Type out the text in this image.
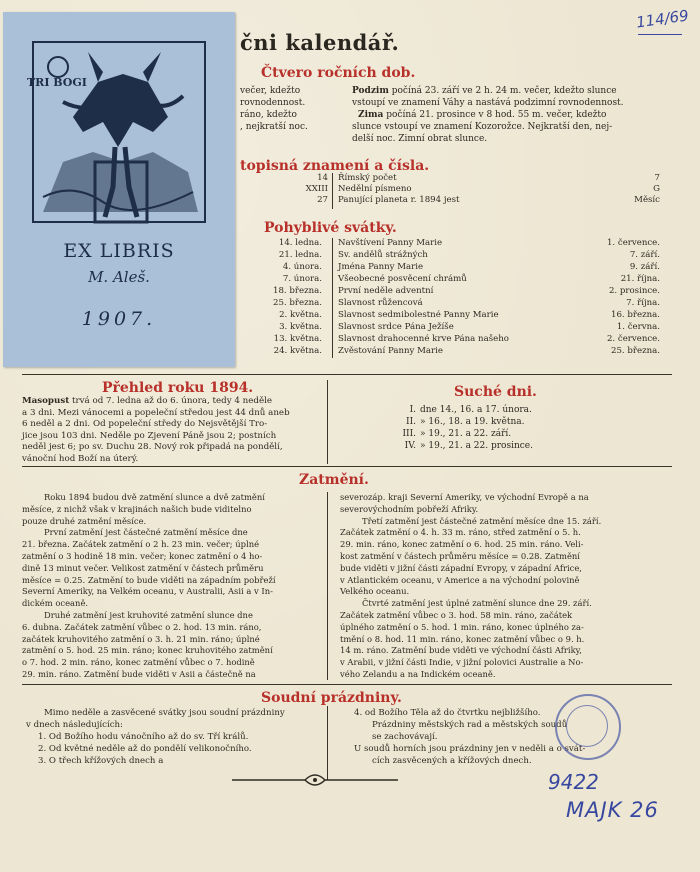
114/69
čni kalendář.
TRI BOGI
EX LIBRIS
M. Aleš.
1907.
Čtvero ročních dob.
večer, kdežto
rovnodennost.
ráno, kdežto
, nejkratší noc.
Podzim počíná 23. září ve 2 h. 24 m. večer, kdežto slunce
vstoupí ve znamení Váhy a nastává podzimní rovnodennost.
Zima počíná 21. prosince v 8 hod. 55 m. večer, kdežto
slunce vstoupí ve znamení Kozorožce. Nejkratší den, nej-
delší noc. Zimní obrat slunce.
topisná znamení a čísla.
14 Římský počet	7
XXIII Nedělní písmeno	G
27 Panující planeta r. 1894 jest	Měsíc
Pohyblivé svátky.
14. ledna. Navštívení Panny Marie	1. července.
21. ledna. Sv. andělů strážných	7. září.
4. února. Jména Panny Marie	9. září.
7. února. Všeobecné posvěcení chrámů	21. října.
18. března. První neděle adventní	2. prosince.
25. března. Slavnost růžencová	7. října.
2. května. Slavnost sedmibolestné Panny Marie	16. března.
3. května. Slavnost srdce Pána Ježíše	1. června.
13. května. Slavnost drahocenné krve Pána našeho	2. července.
24. května. Zvěstování Panny Marie	25. března.
Přehled roku 1894.
Masopust trvá od 7. ledna až do 6. února, tedy 4 neděle
a 3 dni. Mezi vánocemi a popeleční středou jest 44 dnů aneb
6 neděl a 2 dni. Od popeleční středy do Nejsvětější Tro-
jice jsou 103 dni. Neděle po Zjevení Páně jsou 2; postních
neděl jest 6; po sv. Duchu 28. Nový rok připadá na pondělí,
vánoční hod Boží na úterý.
Suché dni.
I. dne 14., 16. a 17. února.
II. » 16., 18. a 19. května.
III. » 19., 21. a 22. září.
IV. » 19., 21. a 22. prosince.
Zatmění.
Roku 1894 budou dvě zatmění slunce a dvě zatmění
měsíce, z nichž však v krajinách našich bude viditelno
pouze druhé zatmění měsíce.
První zatmění jest částečné zatmění měsíce dne
21. března. Začátek zatmění o 2 h. 23 min. večer; úplné
zatmění o 3 hodině 18 min. večer; konec zatmění o 4 ho-
dině 13 minut večer. Velikost zatmění v částech průměru
měsíce = 0.25. Zatmění to bude viděti na západním pobřeží
Severní Ameriky, na Velkém oceanu, v Australii, Asii a v In-
dickém oceaně.
Druhé zatmění jest kruhovité zatmění slunce dne
6. dubna. Začátek zatmění vůbec o 2. hod. 13 min. ráno,
začátek kruhovitého zatmění o 3. h. 21 min. ráno; úplné
zatmění o 5. hod. 25 min. ráno; konec kruhovitého zatmění
o 7. hod. 2 min. ráno, konec zatmění vůbec o 7. hodině
29. min. ráno. Zatmění bude viděti v Asii a částečně na
severozáp. kraji Severní Ameriky, ve východní Evropě a na
severovýchodním pobřeží Afriky.
Třetí zatmění jest částečné zatmění měsíce dne 15. září.
Začátek zatmění o 4. h. 33 m. ráno, střed zatmění o 5. h.
29. min. ráno, konec zatmění o 6. hod. 25 min. ráno. Veli-
kost zatmění v částech průměru měsíce = 0.28. Zatmění
bude viděti v jižní části západní Evropy, v západní Africe,
v Atlantickém oceanu, v Americe a na východní polovině
Velkého oceanu.
Čtvrté zatmění jest úplné zatmění slunce dne 29. září.
Začátek zatmění vůbec o 3. hod. 58 min. ráno, začátek
úplného zatmění o 5. hod. 1 min. ráno, konec úplného za-
tmění o 8. hod. 11 min. ráno, konec zatmění vůbec o 9. h.
14 m. ráno. Zatmění bude viděti ve východní části Afriky,
v Arabii, v jižní části Indie, v jižní polovici Australie a No-
vého Zelandu a na Indickém oceaně.
Soudní prázdniny.
Mimo neděle a zasvěcené svátky jsou soudní prázdniny
v dnech následujících:
1. Od Božího hodu vánočního až do sv. Tří králů.
2. Od květné neděle až do pondělí velikonočního.
3. O třech křížových dnech a
4. od Božího Těla až do čtvrtku nejbližšího.
Prázdniny městských rad a městských soudů
se zachovávají.
U soudů horních jsou prázdniny jen v neděli a o svát-
cích zasvěcených a křížových dnech.
9422
MAJK 26
